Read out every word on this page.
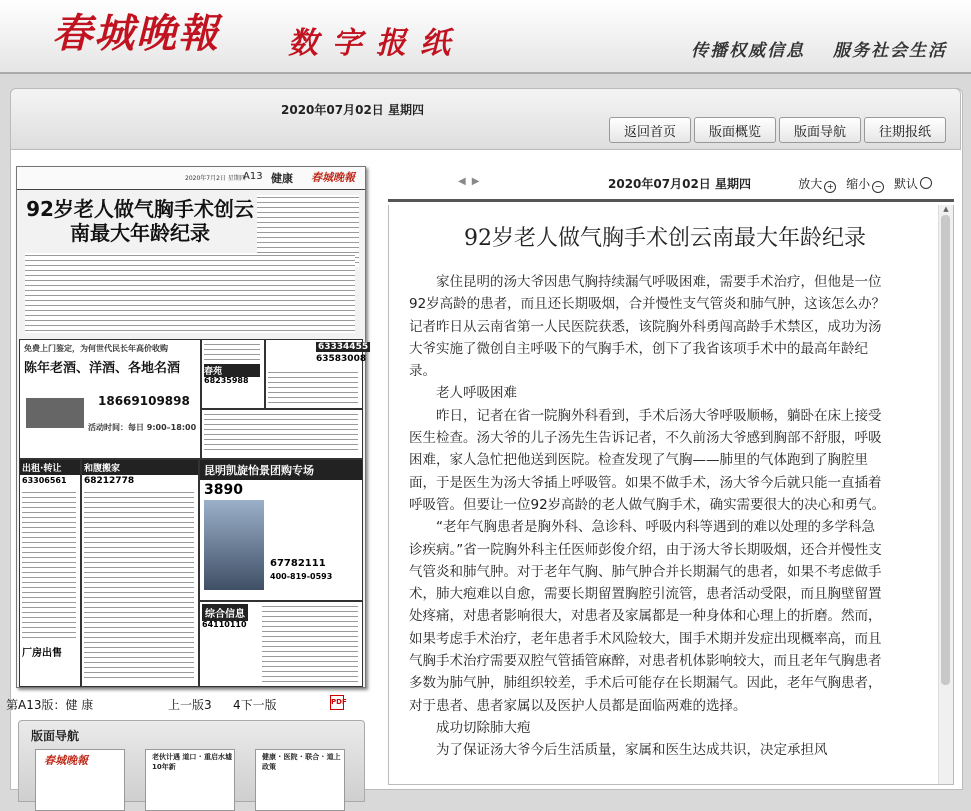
春城晚報 数字报纸	传播权威信息 服务社会生活
2020年07月02日 星期四
返回首页	版面概览	版面导航	往期报纸
2020年7月2日 星期四
A13 健康 春城晚報
92岁老人做气胸手术创云南最大年龄纪录
免费上门鉴定，为何世代民长年高价收购
陈年老酒、洋酒、各地名酒
18669109898
活动时间：每日 9:00–18:00
春苑
68235988
63334455
63583008
出租·转让
63306561
厂房出售
和腹搬家
68212778
昆明凯旋怡景团购专场
3890
67782111
400-819-0593
综合信息
64110110
第A13版：健 康	上一版3 4下一版	PDF
版面导航
春城晚報	老伙计遇 道口 · 重启水墟 10年新
健康 · 医院 · 联合 · 道上政策
◀ ▶	2020年07月02日 星期四	放大 + 缩小 − 默认
92岁老人做气胸手术创云南最大年龄纪录

家住昆明的汤大爷因患气胸持续漏气呼吸困难，需要手术治疗，但他是一位92岁高龄的患者，而且还长期吸烟，合并慢性支气管炎和肺气肿，这该怎么办？记者昨日从云南省第一人民医院获悉，该院胸外科勇闯高龄手术禁区，成功为汤大爷实施了微创自主呼吸下的气胸手术，创下了我省该项手术中的最高年龄纪录。

老人呼吸困难

昨日，记者在省一院胸外科看到，手术后汤大爷呼吸顺畅，躺卧在床上接受医生检查。汤大爷的儿子汤先生告诉记者，不久前汤大爷感到胸部不舒服，呼吸困难，家人急忙把他送到医院。检查发现了气胸——肺里的气体跑到了胸腔里面，于是医生为汤大爷插上呼吸管。如果不做手术，汤大爷今后就只能一直插着呼吸管。但要让一位92岁高龄的老人做气胸手术，确实需要很大的决心和勇气。

“老年气胸患者是胸外科、急诊科、呼吸内科等遇到的难以处理的多学科急诊疾病。”省一院胸外科主任医师彭俊介绍，由于汤大爷长期吸烟，还合并慢性支气管炎和肺气肿。对于老年气胸、肺气肿合并长期漏气的患者，如果不考虑做手术，肺大疱难以自愈，需要长期留置胸腔引流管，患者活动受限，而且胸壁留置处疼痛，对患者影响很大，对患者及家属都是一种身体和心理上的折磨。然而，如果考虑手术治疗，老年患者手术风险较大，围手术期并发症出现概率高，而且气胸手术治疗需要双腔气管插管麻醉，对患者机体影响较大，而且老年气胸患者多数为肺气肿，肺组织较差，手术后可能存在长期漏气。因此，老年气胸患者，对于患者、患者家属以及医护人员都是面临两难的选择。

成功切除肺大疱

为了保证汤大爷今后生活质量，家属和医生达成共识，决定承担风

▲
